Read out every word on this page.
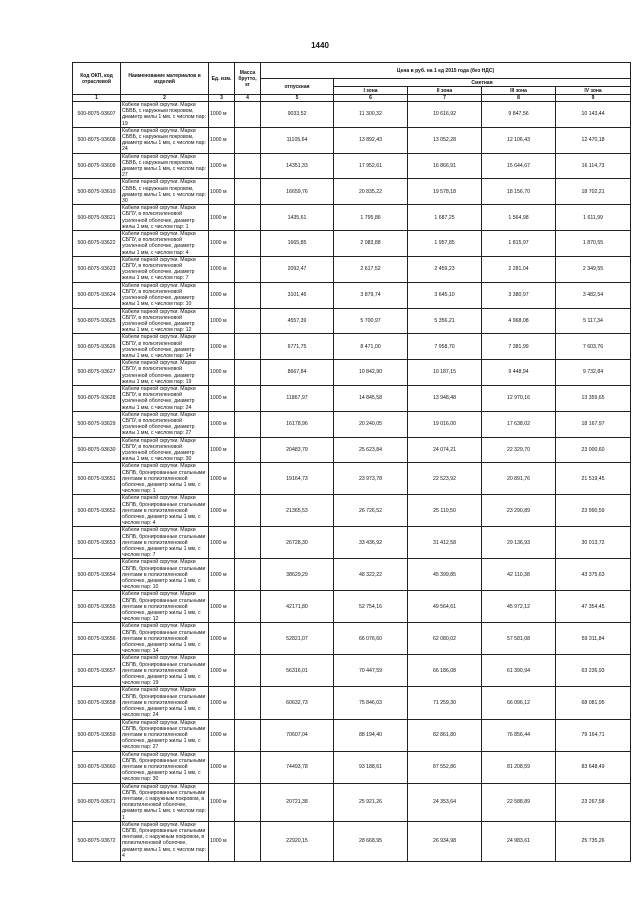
1440
Код ОКП, код отраслевой	Наименование материалов и изделий	Ед. изм.	Масса брутто, кг	Цена в руб. на 1 ед 2015 года (без НДС)				
				отпускная	Сметная			
					I зона	II зона	III зона	IV зона
1	2	3	4	5	6	7	8	9
500-8075-93607	Кабели парной скрутки. Марки СБВБ, с наружным покровом, диаметр жилы 1 мм, с числом пар: 19	1000 м		9033,52	11 300,32	10 616,92	9 847,56	10 143,44
500-8075-93608	Кабели парной скрутки. Марки СБВБ, с наружным покровом, диаметр жилы 1 мм, с числом пар: 24	1000 м		11105,64	13 892,43	13 052,28	12 106,43	12 470,18
500-8075-93609	Кабели парной скрутки. Марки СБВБ, с наружным покровом, диаметр жилы 1 мм, с числом пар: 27	1000 м		14351,33	17 952,61	16 866,91	15 644,67	16 114,73
500-8075-93610	Кабели парной скрутки. Марки СБВБ, с наружным покровом, диаметр жилы 1 мм, с числом пар: 30	1000 м		16659,76	20 835,22	19 578,18	18 156,70	18 702,21
500-8075-93621	Кабели парной скрутки. Марки СБПУ, в полиэтиленовой усиленной оболочке, диаметр жилы 1 мм, с числом пар: 1	1000 м		1435,61	1 795,86	1 687,25	1 564,98	1 611,99
500-8075-93622	Кабели парной скрутки. Марки СБПУ, в полиэтиленовой усиленной оболочке, диаметр жилы 1 мм, с числом пар: 4	1000 м		1665,85	2 083,88	1 957,85	1 815,97	1 870,55
500-8075-93623	Кабели парной скрутки. Марки СБПУ, в полиэтиленовой усиленной оболочке, диаметр жилы 1 мм, с числом пар: 7	1000 м		2092,47	2 617,52	2 459,23	2 281,04	2 349,55
500-8075-93624	Кабели парной скрутки. Марки СБПУ, в полиэтиленовой усиленной оболочке, диаметр жилы 1 мм, с числом пар: 10	1000 м		3101,46	3 879,74	3 645,10	3 380,97	3 482,54
500-8075-93625	Кабели парной скрутки. Марки СБПУ, в полиэтиленовой усиленной оболочке, диаметр жилы 1 мм, с числом пар: 12	1000 м		4557,39	5 700,97	5 356,21	4 968,08	5 117,34
500-8075-93626	Кабели парной скрутки. Марки СБПУ, в полиэтиленовой усиленной оболочке, диаметр жилы 1 мм, с числом пар: 14	1000 м		6771,75	8 471,00	7 958,70	7 381,99	7 603,76
500-8075-93627	Кабели парной скрутки. Марки СБПУ, в полиэтиленовой усиленной оболочке, диаметр жилы 1 мм, с числом пар: 19	1000 м		8667,84	10 842,90	10 187,15	9 448,94	9 732,84
500-8075-93628	Кабели парной скрутки. Марки СБПУ, в полиэтиленовой усиленной оболочке, диаметр жилы 1 мм, с числом пар: 24	1000 м		11867,97	14 845,58	13 948,48	12 970,16	13 359,65
500-8075-93629	Кабели парной скрутки. Марки СБПУ, в полиэтиленовой усиленной оболочке, диаметр жилы 1 мм, с числом пар: 27	1000 м		16178,96	20 240,05	19 016,00	17 638,02	18 167,97
500-8075-93630	Кабели парной скрутки. Марки СБПУ, в полиэтиленовой усиленной оболочке, диаметр жилы 1 мм, с числом пар: 30	1000 м		20483,79	25 623,84	24 074,21	22 329,70	23 000,60
500-8075-93651	Кабели парной скрутки. Марки СБПБ, бронированные стальными лентами в полиэтиленовой оболочке, диаметр жилы 1 мм, с числом пар: 1	1000 м		19164,73	23 973,78	22 523,92	20 891,76	21 519,45
500-8075-93652	Кабели парной скрутки. Марки СБПБ, бронированные стальными лентами в полиэтиленовой оболочке, диаметр жилы 1 мм, с числом пар: 4	1000 м		21365,53	26 726,52	25 110,50	23 290,89	23 990,59
500-8075-93653	Кабели парной скрутки. Марки СБПБ, бронированные стальными лентами в полиэтиленовой оболочке, диаметр жилы 1 мм, с числом пар: 7	1000 м		26728,30	33 436,92	31 412,58	29 136,93	30 013,72
500-8075-93654	Кабели парной скрутки. Марки СБПБ, бронированные стальными лентами в полиэтиленовой оболочке, диаметр жилы 1 мм, с числом пар: 10	1000 м		38629,29	48 322,22	45 399,85	42 110,38	43 375,63
500-8075-93655	Кабели парной скрутки. Марки СБПБ, бронированные стальными лентами в полиэтиленовой оболочке, диаметр жилы 1 мм, с числом пар: 12	1000 м		42171,80	52 754,16	49 564,61	45 972,12	47 354,45
500-8075-93656	Кабели парной скрутки. Марки СБПБ, бронированные стальными лентами в полиэтиленовой оболочке, диаметр жилы 1 мм, с числом пар: 14	1000 м		52821,07	66 076,60	62 080,02	57 581,08	59 311,84
500-8075-93657	Кабели парной скрутки. Марки СБПБ, бронированные стальными лентами в полиэтиленовой оболочке, диаметр жилы 1 мм, с числом пар: 19	1000 м		56316,01	70 447,59	66 186,08	61 390,94	63 236,93
500-8075-93658	Кабели парной скрутки. Марки СБПБ, бронированные стальными лентами в полиэтиленовой оболочке, диаметр жилы 1 мм, с числом пар: 24	1000 м		60632,73	75 846,03	71 259,30	66 096,12	68 081,95
500-8075-93659	Кабели парной скрутки. Марки СБПБ, бронированные стальными лентами в полиэтиленовой оболочке, диаметр жилы 1 мм, с числом пар: 27	1000 м		70607,04	88 194,40	82 861,80	76 856,44	79 164,71
500-8075-93660	Кабели парной скрутки. Марки СБПБ, бронированные стальными лентами в полиэтиленовой оболочке, диаметр жилы 1 мм, с числом пар: 30	1000 м		74493,78	93 188,61	87 552,86	81 208,59	83 648,49
500-8075-93671	Кабели парной скрутки. Марки СБПБ, бронированные стальными лентами, с наружным покровом, в полиэтиленовой оболочке, диаметр жилы 1 мм, с числом пар: 1	1000 м		20721,38	25 921,26	24 353,64	22 588,89	23 267,58
500-8075-93672	Кабели парной скрутки. Марки СБПБ, бронированные стальными лентами, с наружным покровом, в полиэтиленовой оболочке, диаметр жилы 1 мм, с числом пар: 4	1000 м		22920,15	28 668,95	26 934,98	24 983,61	25 735,26
